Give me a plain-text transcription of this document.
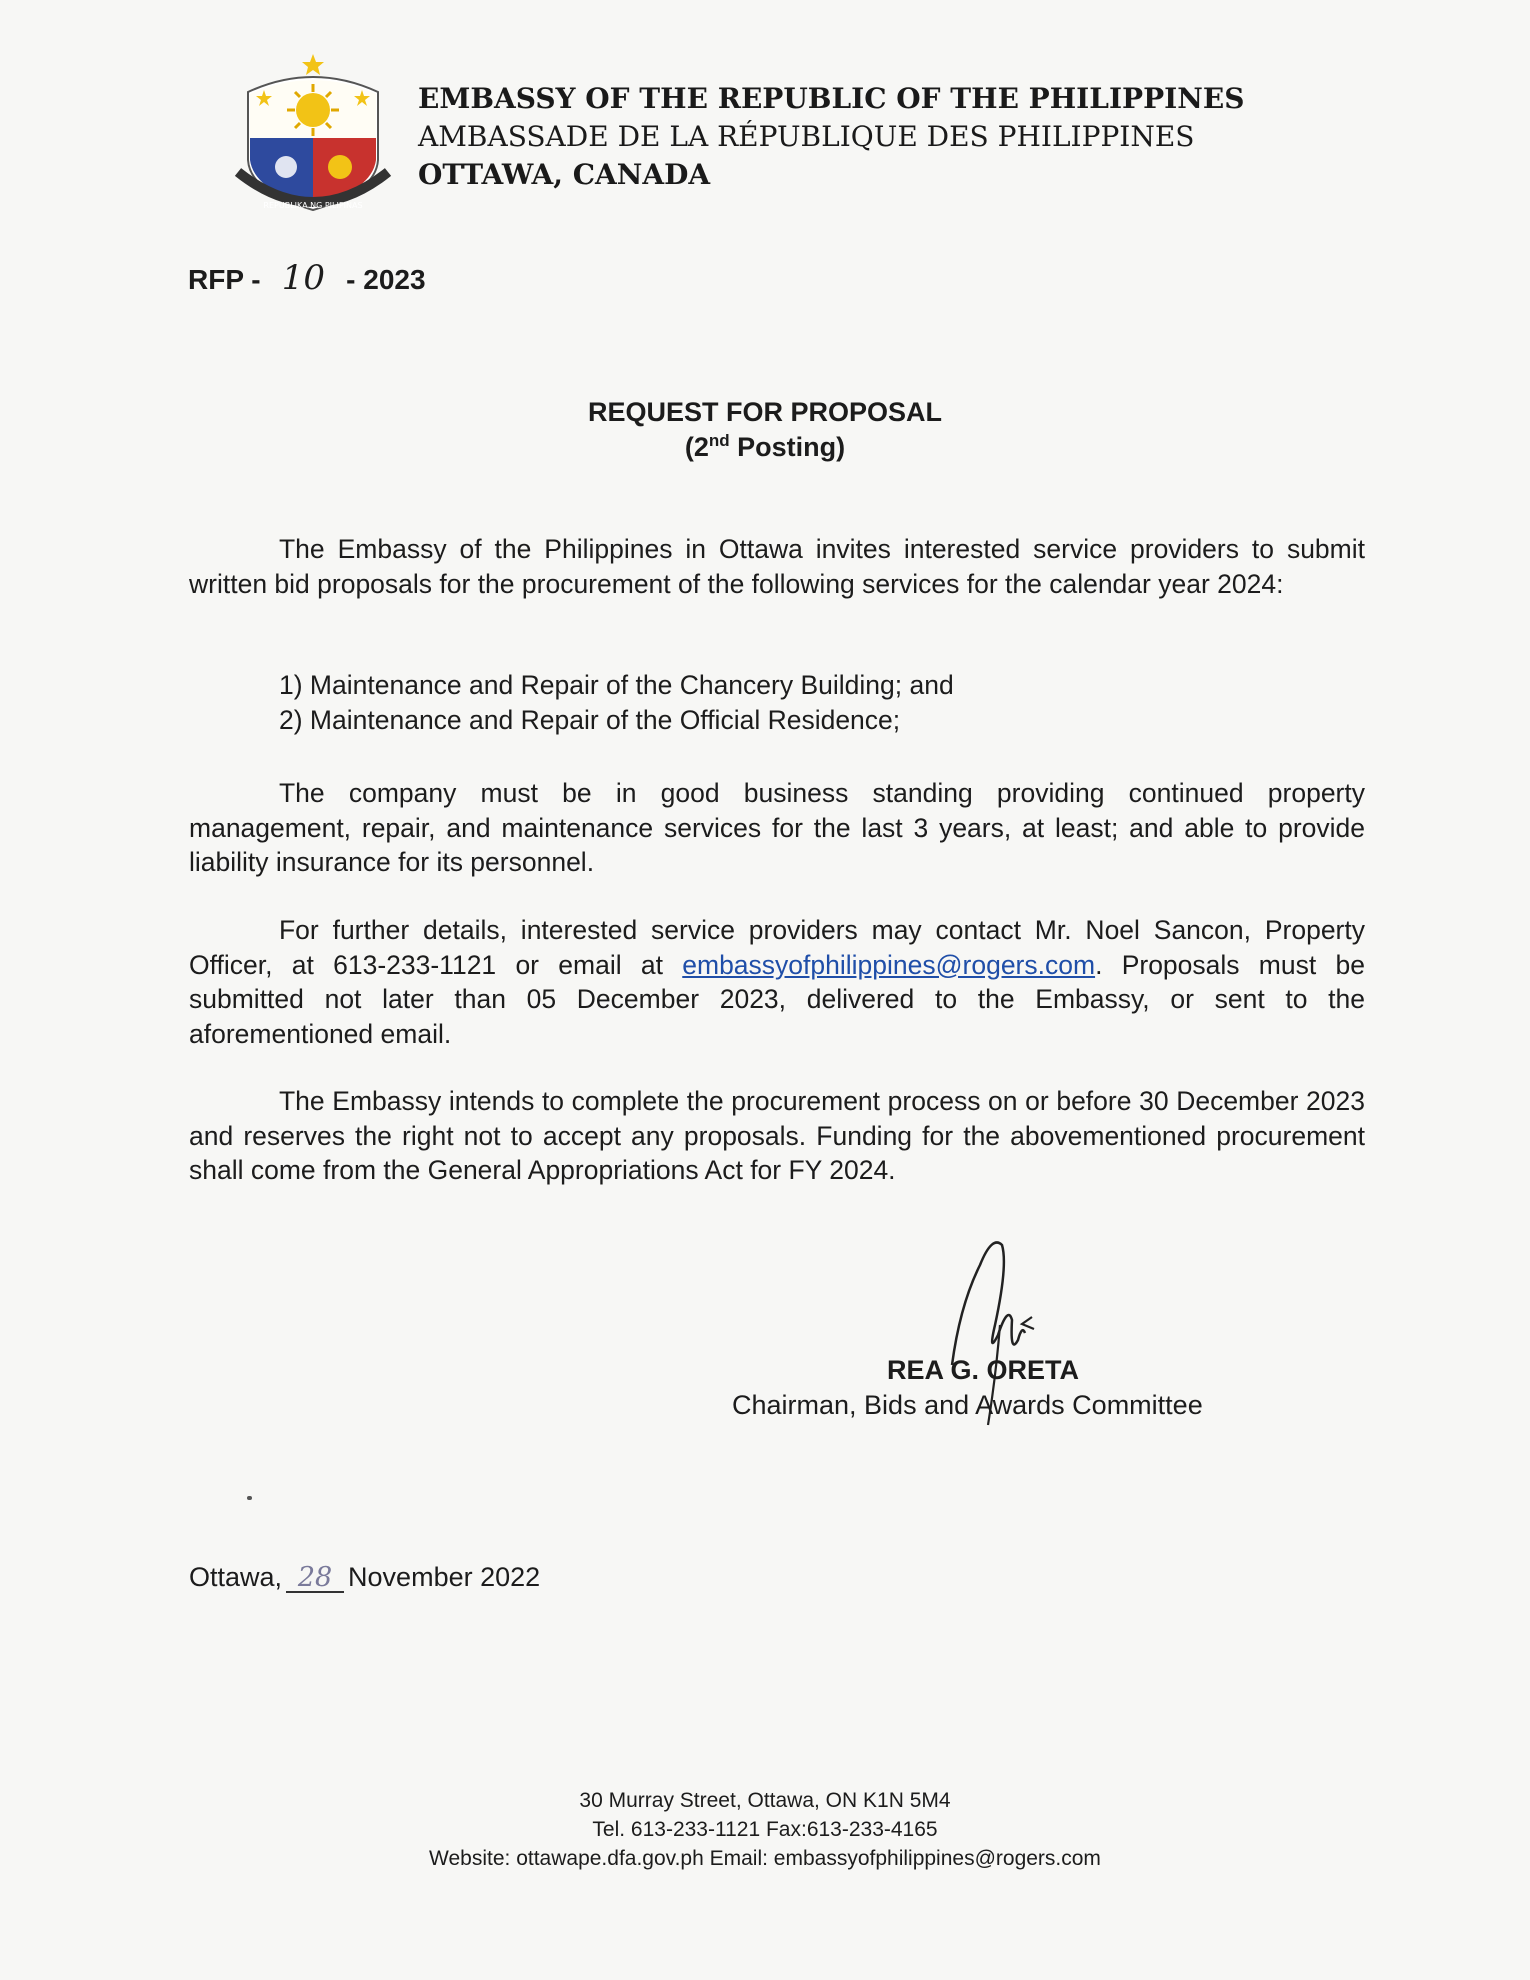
REPUBLIKA NG PILIPINAS
EMBASSY OF THE REPUBLIC OF THE PHILIPPINES
AMBASSADE DE LA RÉPUBLIQUE DES PHILIPPINES
OTTAWA, CANADA
RFP - 10 - 2023
REQUEST FOR PROPOSAL
(2nd Posting)

The Embassy of the Philippines in Ottawa invites interested service providers to submit written bid proposals for the procurement of the following services for the calendar year 2024:

1) Maintenance and Repair of the Chancery Building; and
2) Maintenance and Repair of the Official Residence;

The company must be in good business standing providing continued property management, repair, and maintenance services for the last 3 years, at least; and able to provide liability insurance for its personnel.

For further details, interested service providers may contact Mr. Noel Sancon, Property Officer, at 613-233-1121 or email at embassyofphilippines@rogers.com. Proposals must be submitted not later than 05 December 2023, delivered to the Embassy, or sent to the aforementioned email.

The Embassy intends to complete the procurement process on or before 30 December 2023 and reserves the right not to accept any proposals. Funding for the abovementioned procurement shall come from the General Appropriations Act for FY 2024.

REA G. ORETA
Chairman, Bids and Awards Committee
Ottawa, 28 November 2022
30 Murray Street, Ottawa, ON K1N 5M4
Tel. 613-233-1121 Fax:613-233-4165
Website: ottawape.dfa.gov.ph Email: embassyofphilippines@rogers.com
